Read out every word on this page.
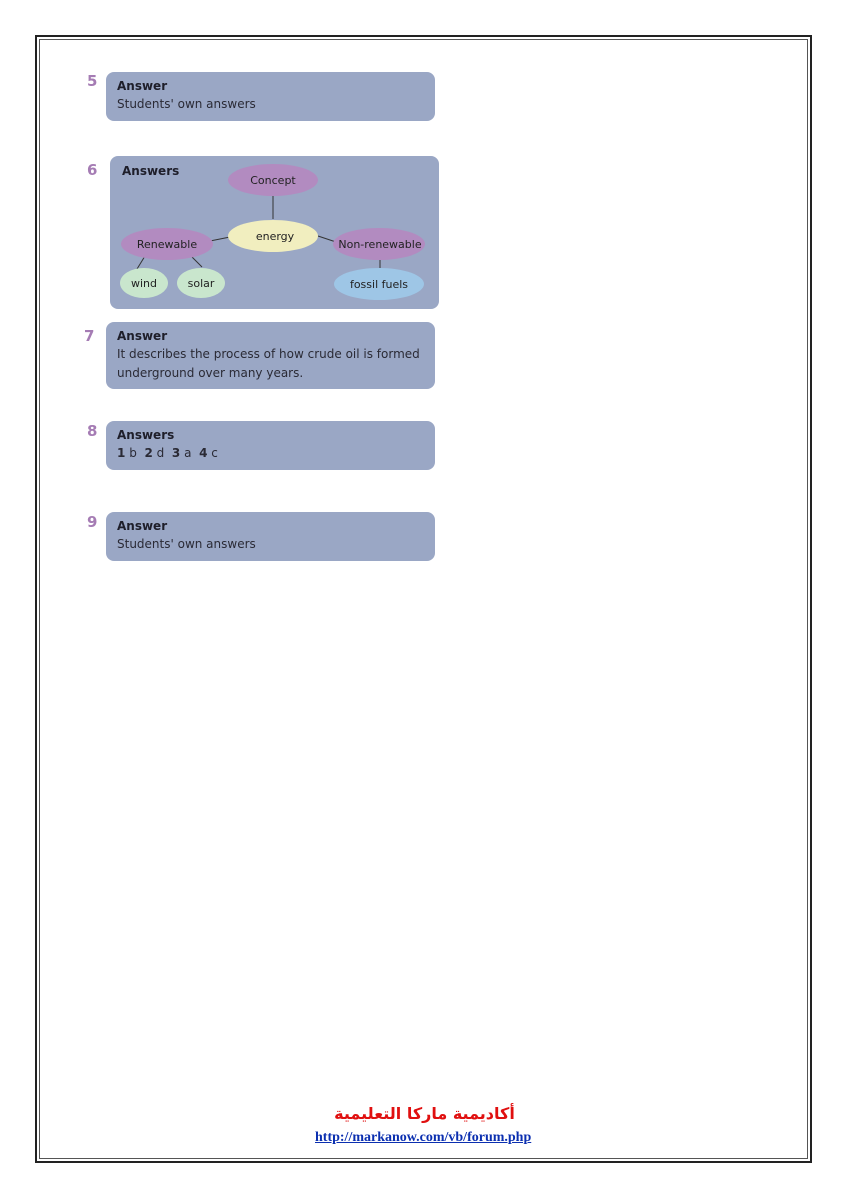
5 Answer
Students' own answers
6 Answers
Concept
energy
Renewable	Non-renewable
wind	solar	fossil fuels
7 Answer
It describes the process of how crude oil is formed
underground over many years.
8 Answers
1 b 2 d 3 a 4 c
9 Answer
Students' own answers
أكاديمية ماركا التعليمية
http://markanow.com/vb/forum.php
